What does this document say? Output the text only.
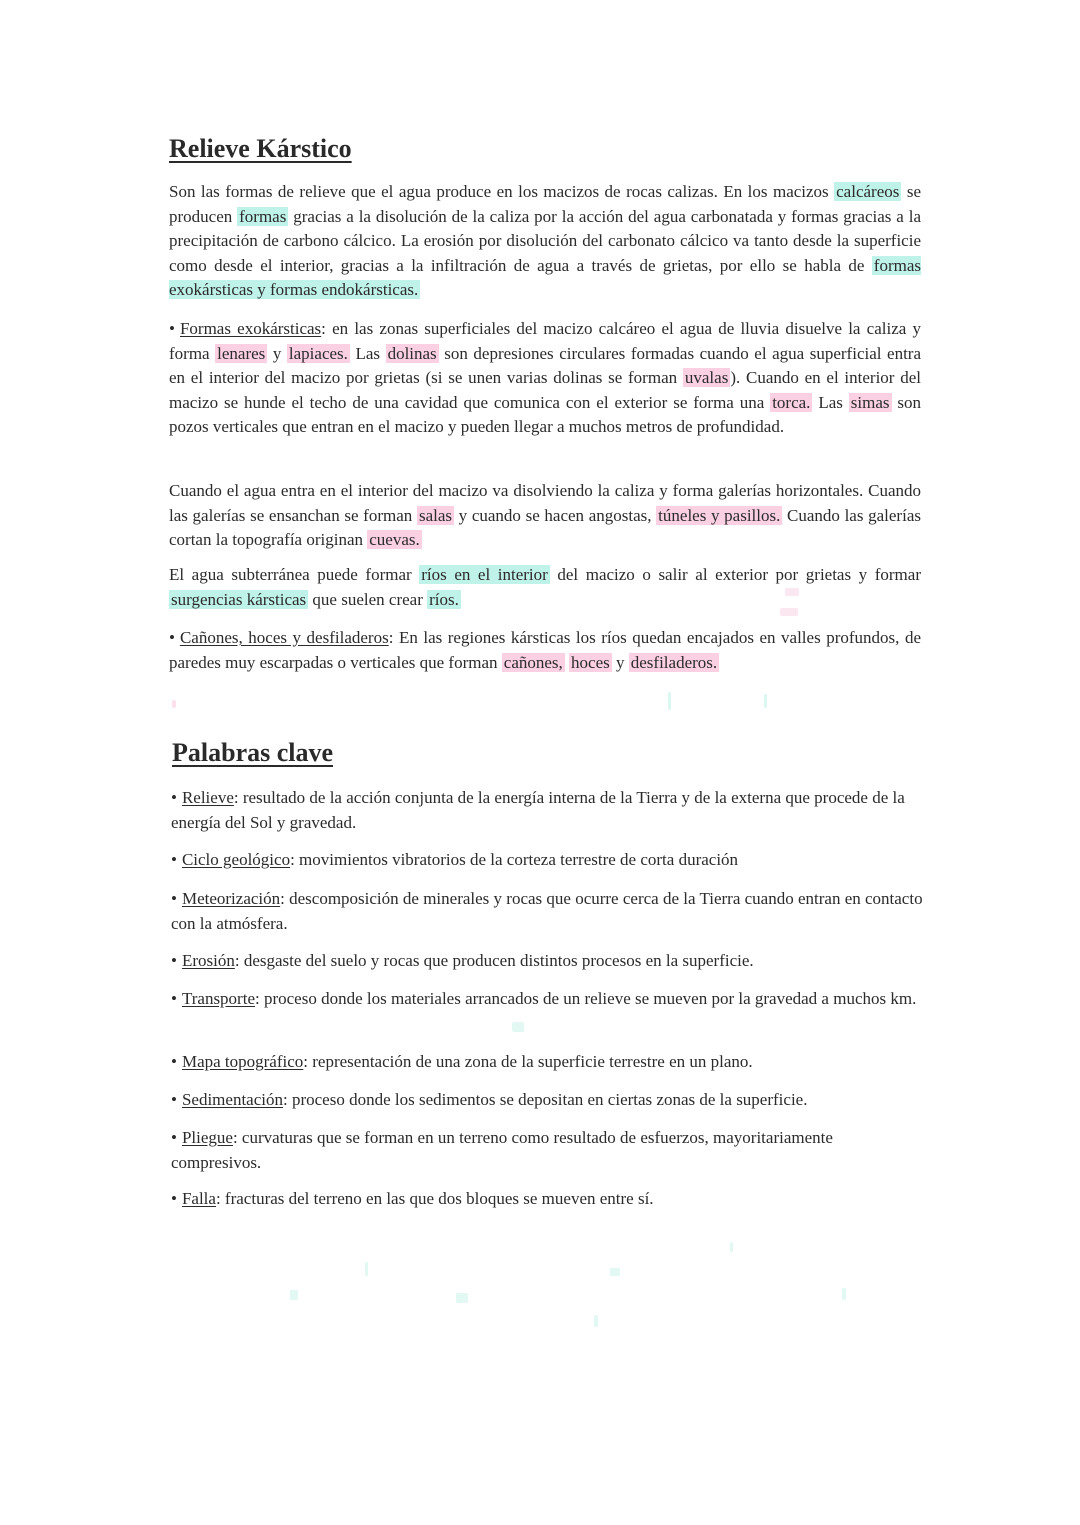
Relieve Kárstico

Son las formas de relieve que el agua produce en los macizos de rocas calizas. En los macizos calcáreos se producen formas gracias a la disolución de la caliza por la acción del agua carbonatada y formas gracias a la precipitación de carbono cálcico. La erosión por disolución del carbonato cálcico va tanto desde la superficie como desde el interior, gracias a la infiltración de agua a través de grietas, por ello se habla de formas exokársticas y formas endokársticas.

• Formas exokársticas: en las zonas superficiales del macizo calcáreo el agua de lluvia disuelve la caliza y forma lenares y lapiaces. Las dolinas son depresiones circulares formadas cuando el agua superficial entra en el interior del macizo por grietas (si se unen varias dolinas se forman uvalas ). Cuando en el interior del macizo se hunde el techo de una cavidad que comunica con el exterior se forma una torca. Las simas son pozos verticales que entran en el macizo y pueden llegar a muchos metros de profundidad.

Cuando el agua entra en el interior del macizo va disolviendo la caliza y forma galerías horizontales. Cuando las galerías se ensanchan se forman salas y cuando se hacen angostas, túneles y pasillos. Cuando las galerías cortan la topografía originan cuevas.

El agua subterránea puede formar ríos en el interior del macizo o salir al exterior por grietas y formar surgencias kársticas que suelen crear ríos.

• Cañones, hoces y desfiladeros: En las regiones kársticas los ríos quedan encajados en valles profundos, de paredes muy escarpadas o verticales que forman cañones, hoces y desfiladeros.

Palabras clave

• Relieve: resultado de la acción conjunta de la energía interna de la Tierra y de la externa que procede de la energía del Sol y gravedad.

• Ciclo geológico: movimientos vibratorios de la corteza terrestre de corta duración

• Meteorización: descomposición de minerales y rocas que ocurre cerca de la Tierra cuando entran en contacto con la atmósfera.

• Erosión: desgaste del suelo y rocas que producen distintos procesos en la superficie.

• Transporte: proceso donde los materiales arrancados de un relieve se mueven por la gravedad a muchos km.

• Mapa topográfico: representación de una zona de la superficie terrestre en un plano.

• Sedimentación: proceso donde los sedimentos se depositan en ciertas zonas de la superficie.

• Pliegue: curvaturas que se forman en un terreno como resultado de esfuerzos, mayoritariamente compresivos.

• Falla: fracturas del terreno en las que dos bloques se mueven entre sí.
